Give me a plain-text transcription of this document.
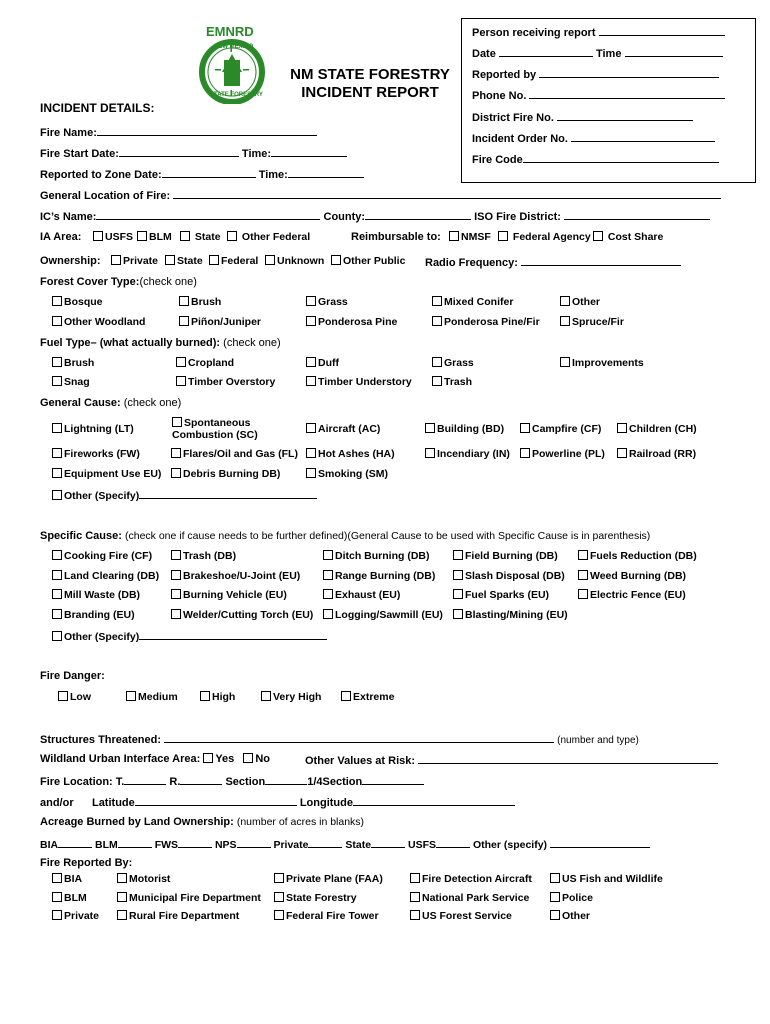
EMNRD
NEW MEXICO
STATE FORESTRY
NM STATE FORESTRY
INCIDENT REPORT
Person receiving report
Date	Time
Reported by
Phone No.
District Fire No.
Incident Order No.
Fire Code
INCIDENT DETAILS:
Fire Name:
Fire Start Date:	Time:
Reported to Zone Date:	Time:
General Location of Fire:
IC’s Name:	County:	ISO Fire District:
IA Area:	USFS	BLM	State	Other Federal	Reimbursable to:	NMSF	Federal Agency	Cost Share
Ownership:	Private	State	Federal	Unknown	Other Public Radio Frequency:
Forest Cover Type:(check one)
Fuel Type– (what actually burned): (check one)
General Cause: (check one)
Spontaneous
Combustion (SC)
Other (Specify)
Specific Cause: (check one if cause needs to be further defined)(General Cause to be used with Specific Cause is in parenthesis)
Other (Specify)
Fire Danger:
Structures Threatened:	(number and type)
Wildland Urban Interface Area: Yes No	Other Values at Risk:
Fire Location: T.	R.	Section	1/4Section
and/or Latitude	Longitude
Acreage Burned by Land Ownership: (number of acres in blanks)
BIA	BLM	FWS	NPS	Private	State	USFS	Other (specify)
Fire Reported By:
Bosque	Brush	Grass	Mixed Conifer	Other
Other Woodland	Piñon/Juniper	Ponderosa Pine	Ponderosa Pine/Fir	Spruce/Fir
Brush	Cropland	Duff	Grass	Improvements
Snag	Timber Overstory	Timber Understory	Trash
Lightning (LT)	Aircraft (AC)	Building (BD)	Campfire (CF)	Children (CH)
Fireworks (FW)	Flares/Oil and Gas (FL)	Hot Ashes (HA)	Incendiary (IN)	Powerline (PL)	Railroad (RR)
Equipment Use EU)	Debris Burning DB)	Smoking (SM)
Cooking Fire (CF)	Trash (DB)	Ditch Burning (DB)	Field Burning (DB)	Fuels Reduction (DB)
Land Clearing (DB)	Brakeshoe/U-Joint (EU)	Range Burning (DB)	Slash Disposal (DB)	Weed Burning (DB)
Mill Waste (DB)	Burning Vehicle (EU)	Exhaust (EU)	Fuel Sparks (EU)	Electric Fence (EU)
Branding (EU)	Welder/Cutting Torch (EU)	Logging/Sawmill (EU)	Blasting/Mining (EU)
Low	Medium	High	Very High	Extreme
BIA	Motorist	Private Plane (FAA)	Fire Detection Aircraft	US Fish and Wildlife
BLM	Municipal Fire Department	State Forestry	National Park Service	Police
Private	Rural Fire Department	Federal Fire Tower	US Forest Service	Other
